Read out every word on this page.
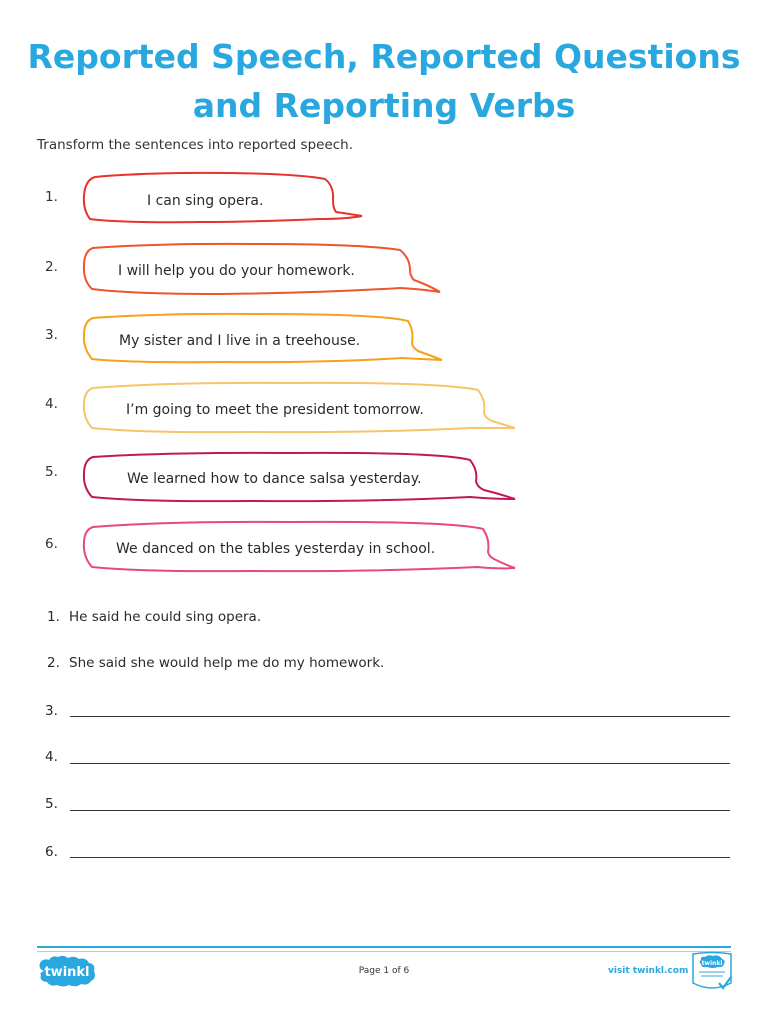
Reported Speech, Reported Questions
and Reporting Verbs
Transform the sentences into reported speech.
1.
2.
3.
4.
5.
6.
I can sing opera.
I will help you do your homework.
My sister and I live in a treehouse.
I’m going to meet the president tomorrow.
We learned how to dance salsa yesterday.
We danced on the tables yesterday in school.
1. He said he could sing opera.
2. She said she would help me do my homework.
3.
4.
5.
6.
twinkl	Page 1 of 6	visit twinkl.com
twinkl
